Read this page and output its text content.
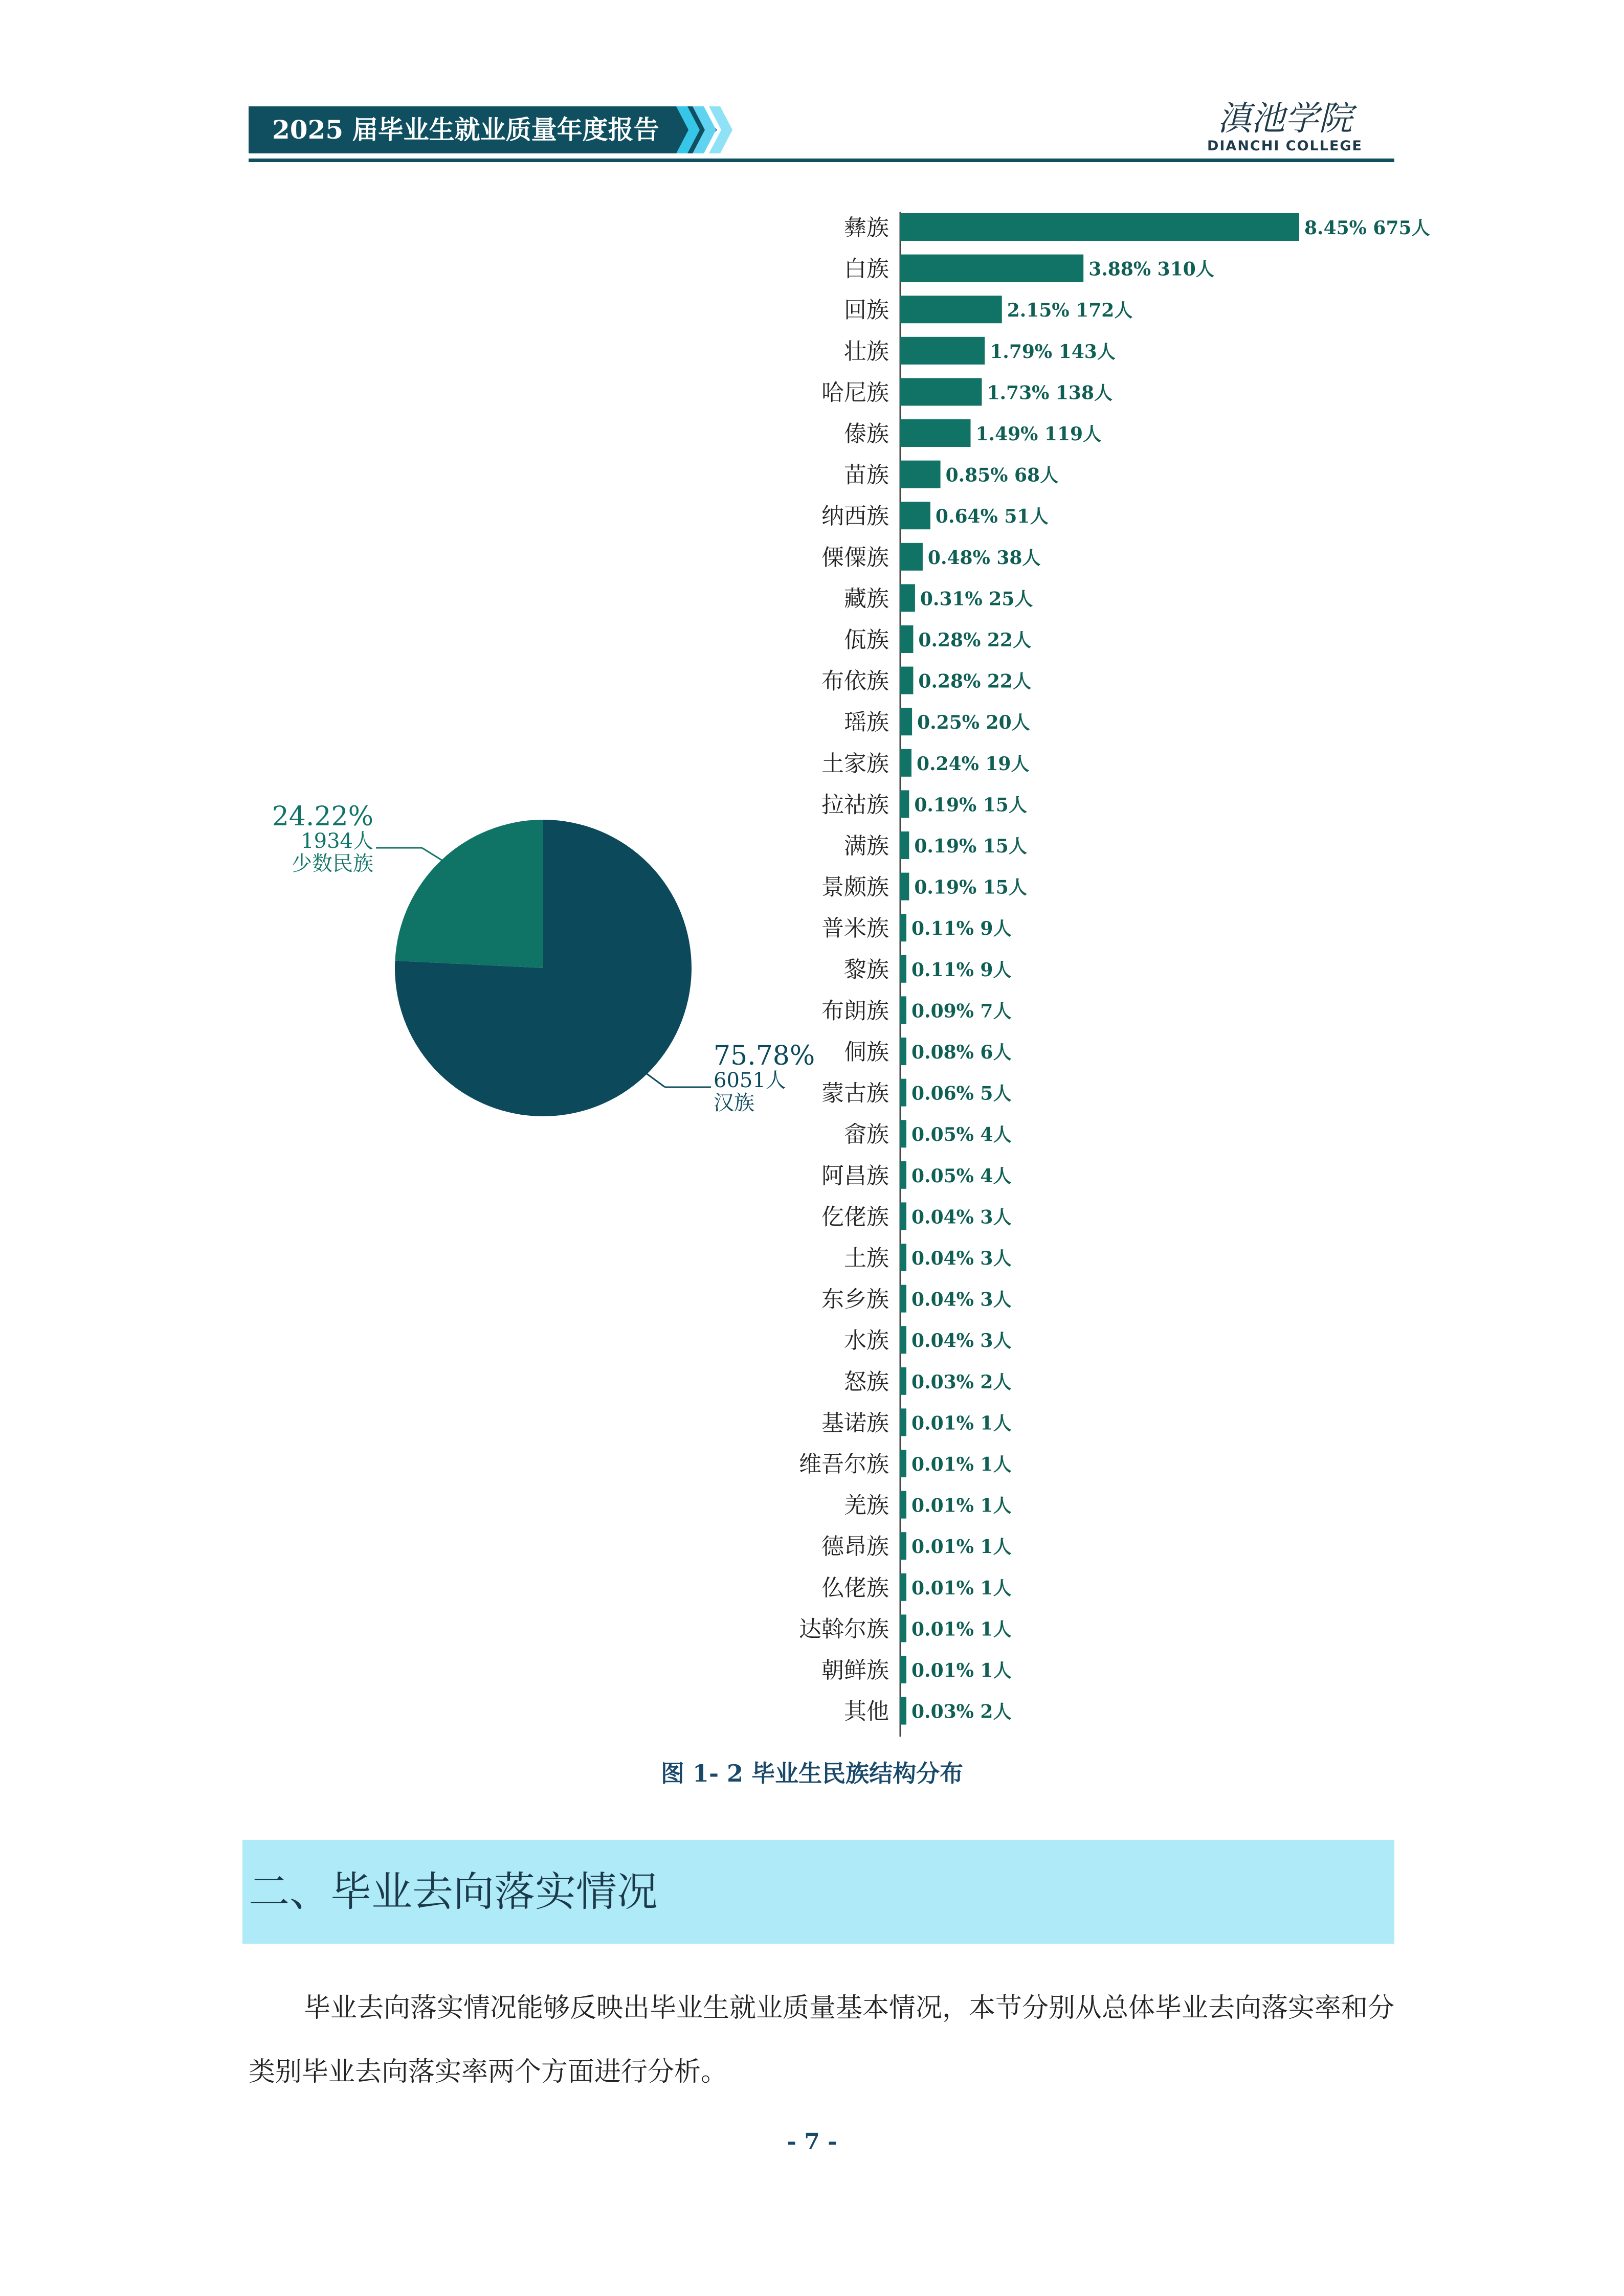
2025 届毕业生就业质量年度报告	滇池学院
DIANCHI COLLEGE
彝族	8.45% 675人
白族	3.88% 310人
回族	2.15% 172人
壮族	1.79% 143人
哈尼族	1.73% 138人
傣族	1.49% 119人
苗族	0.85% 68人
纳西族	0.64% 51人
傈僳族 0.48% 38人
藏族 0.31% 25人
佤族 0.28% 22人
布依族 0.28% 22人
瑶族 0.25% 20人
土家族 0.24% 19人
拉祜族 0.19% 15人
满族 0.19% 15人
景颇族 0.19% 15人
普米族 0.11% 9人
黎族 0.11% 9人
布朗族 0.09% 7人
侗族 0.08% 6人
蒙古族 0.06% 5人
畲族 0.05% 4人
阿昌族 0.05% 4人
仡佬族 0.04% 3人
土族 0.04% 3人
东乡族 0.04% 3人
水族 0.04% 3人
怒族 0.03% 2人
基诺族 0.01% 1人
维吾尔族 0.01% 1人
羌族 0.01% 1人
德昂族 0.01% 1人
仫佬族 0.01% 1人
达斡尔族 0.01% 1人
朝鲜族 0.01% 1人
其他 0.03% 2人
24.22%
1934人
少数民族
75.78%
6051人
汉族
图 1- 2 毕业生民族结构分布
二、毕业去向落实情况
毕业去向落实情况能够反映出毕业生就业质量基本情况，本节分别从总体毕业去向落实率和分类别毕业去向落实率两个方面进行分析。
- 7 -
